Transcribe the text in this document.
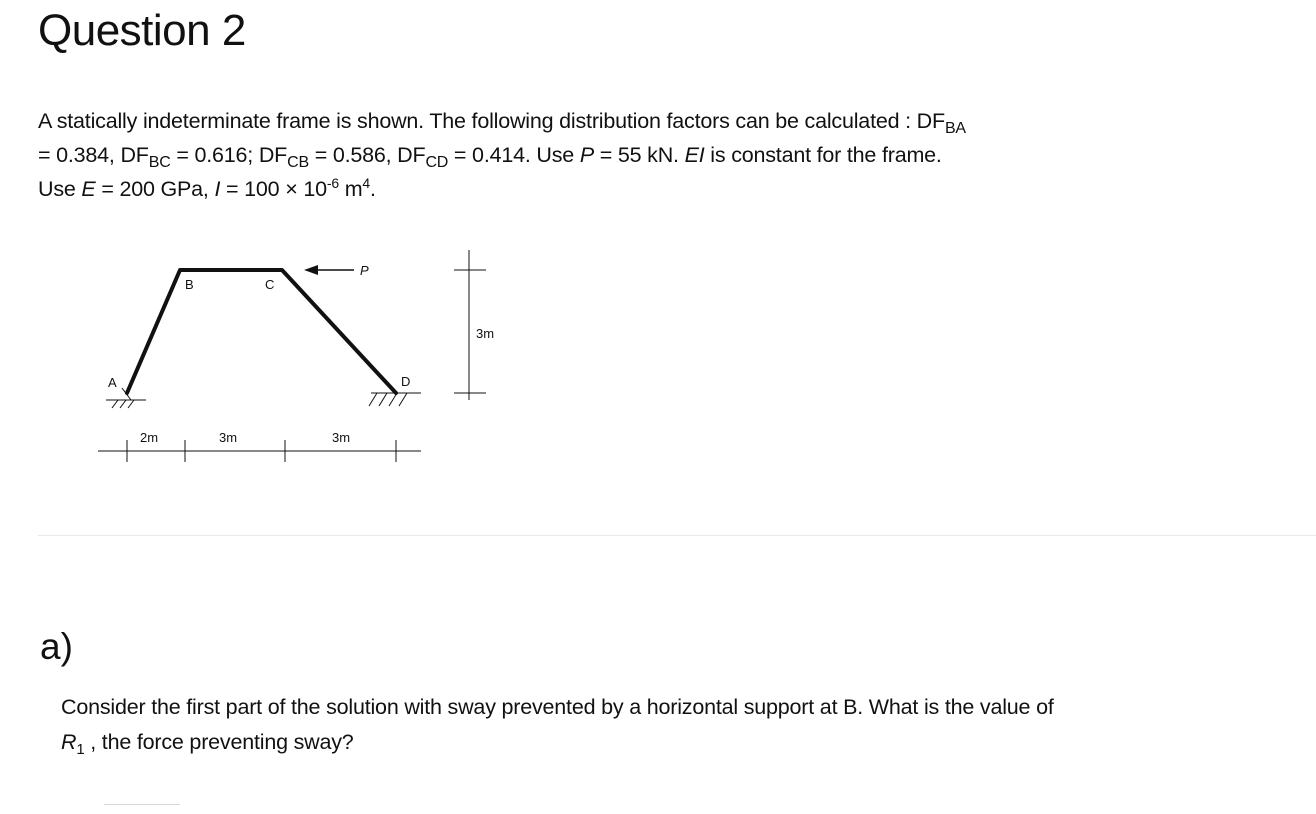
Question 2

A statically indeterminate frame is shown. The following distribution factors can be calculated : $DF_{BA}$
= 0.384, $DF_{BC} = 0.616$; $DF_{CB} = 0.586$, $DF_{CD} = 0.414$. Use P = 55 kN. EI is constant for the frame.
Use E = 200 GPa, $I = 100 \times 10^{-6}$ $m^4$.

A
B	C
D
P
3m
2m	3m	3m
a)

Consider the first part of the solution with sway prevented by a horizontal support at B. What is the value of $R_1$ , the force preventing sway?
